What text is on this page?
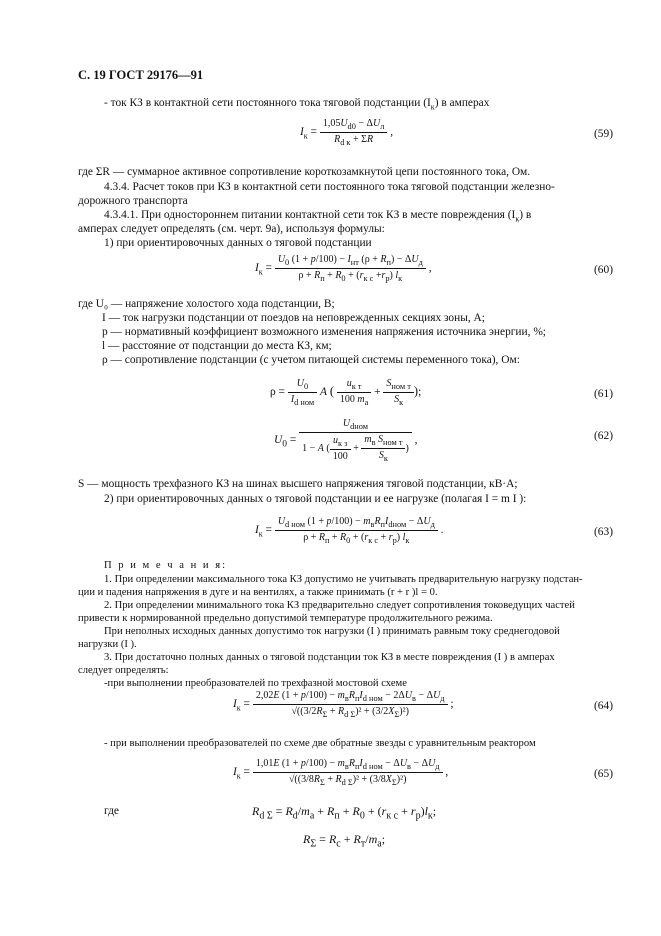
С. 19 ГОСТ 29176—91
- ток КЗ в контактной сети постоянного тока тяговой подстанции $(I_к)$ в амперах
$I_к = \frac{1,05U_{d0} - \Delta U_л}{R_{d к} + \Sigma R}$ ,	(59)
где ΣR — суммарное активное сопротивление короткозамкнутой цепи постоянного тока, Ом.
4.3.4. Расчет токов при КЗ в контактной сети постоянного тока тяговой подстанции железно-
дорожного транспорта
4.3.4.1. При одностороннем питании контактной сети ток КЗ в месте повреждения $(I_к)$ в
амперах следует определять (см. черт. 9а), используя формулы:
1) при ориентировочных данных о тяговой подстанции
$I_к = \frac{U_0 (1 + p/100) - I_{нт} (\rho + R_п) - \Delta U_д}{\rho + R_п + R_0 + (r_{к с} +r_р) l_к}$ ,	(60)
где U₀ — напряжение холостого хода подстанции, В;
I — ток нагрузки подстанции от поездов на неповрежденных секциях зоны, А;
p — нормативный коэффициент возможного изменения напряжения источника энергии, %;
l — расстояние от подстанции до места КЗ, км;
ρ — сопротивление подстанции (с учетом питающей системы переменного тока), Ом:
$\rho = \frac{U_0}{I_{d ном}}$ A ( $\frac{u_{к т}}{100 m_а} + \frac{S_{ном т}}{S_к}$ );	(61)
$U_0 = \frac{U_{dном}}{1 - A ( \frac{u_{к з}}{100} + \frac{m_в S_{ном т}}{S_к} )}$ ,	(62)
S — мощность трехфазного КЗ на шинах высшего напряжения тяговой подстанции, кВ·А;
2) при ориентировочных данных о тяговой подстанции и ее нагрузке (полагая I = m I ):
$I_к = \frac{U_{d ном} (1 + p/100) - m_вR_пI_{dном} - \Delta U_д}{\rho + R_п + R_0 + (r_{к с} + r_р) l_к}$ .	(63)
П р и м е ч а н и я:
1. При определении максимального тока КЗ допустимо не учитывать предварительную нагрузку подстан-
ции и падения напряжения в дуге и на вентилях, а также принимать (r + r )l = 0.
2. При определении минимального тока КЗ предварительно следует сопротивления токоведущих частей
привести к нормированной предельно допустимой температуре продолжительного режима.
При неполных исходных данных допустимо ток нагрузки (I ) принимать равным току среднегодовой
нагрузки (I ).
3. При достаточно полных данных о тяговой подстанции ток КЗ в месте повреждения (I ) в амперах
следует определять:
-при выполнении преобразователей по трехфазной мостовой схеме
$I_к = \frac{2,02E (1 + p/100) - m_вR_пI_{d ном} - 2\Delta U_в - \Delta U_д}{√((3/2R_\Sigma + R_{d \Sigma})^2 + (3/2X_\Sigma)^2)}$ ;	(64)
- при выполнении преобразователей по схеме две обратные звезды с уравнительным реактором
$I_к = \frac{1,01E (1 + p/100) - m_вR_пI_{d ном} - \Delta U_в - \Delta U_д}{√((3/8R_\Sigma + R_{d \Sigma})^2 + (3/8X_\Sigma)^2)}$ ,	(65)
где	$R_{d \Sigma} = R_d/m_а + R_п + R_0 + (r_{к с} + r_р)l_к$;
$R_\Sigma = R_с + R_т/m_а$;
